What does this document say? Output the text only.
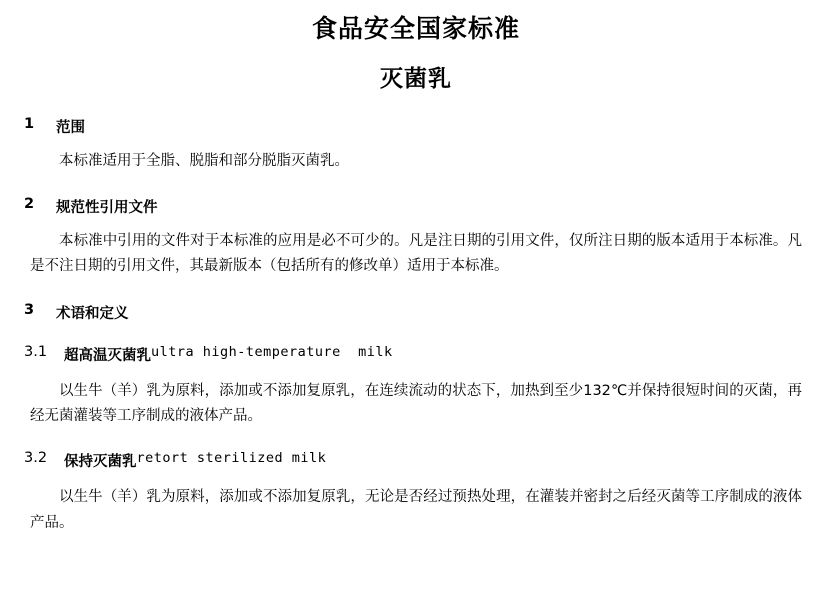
食品安全国家标准
灭菌乳
1	范围
本标准适用于全脂、脱脂和部分脱脂灭菌乳。
2	规范性引用文件
本标准中引用的文件对于本标准的应用是必不可少的。凡是注日期的引用文件，仅所注日期的版本适用于本标准。凡是不注日期的引用文件，其最新版本（包括所有的修改单）适用于本标准。
3	术语和定义
3.1	超高温灭菌乳 ultra high-temperature  milk
以生牛（羊）乳为原料，添加或不添加复原乳，在连续流动的状态下，加热到至少132℃并保持很短时间的灭菌，再经无菌灌装等工序制成的液体产品。
3.2	保持灭菌乳 retort sterilized milk
以生牛（羊）乳为原料，添加或不添加复原乳，无论是否经过预热处理，在灌装并密封之后经灭菌等工序制成的液体产品。
